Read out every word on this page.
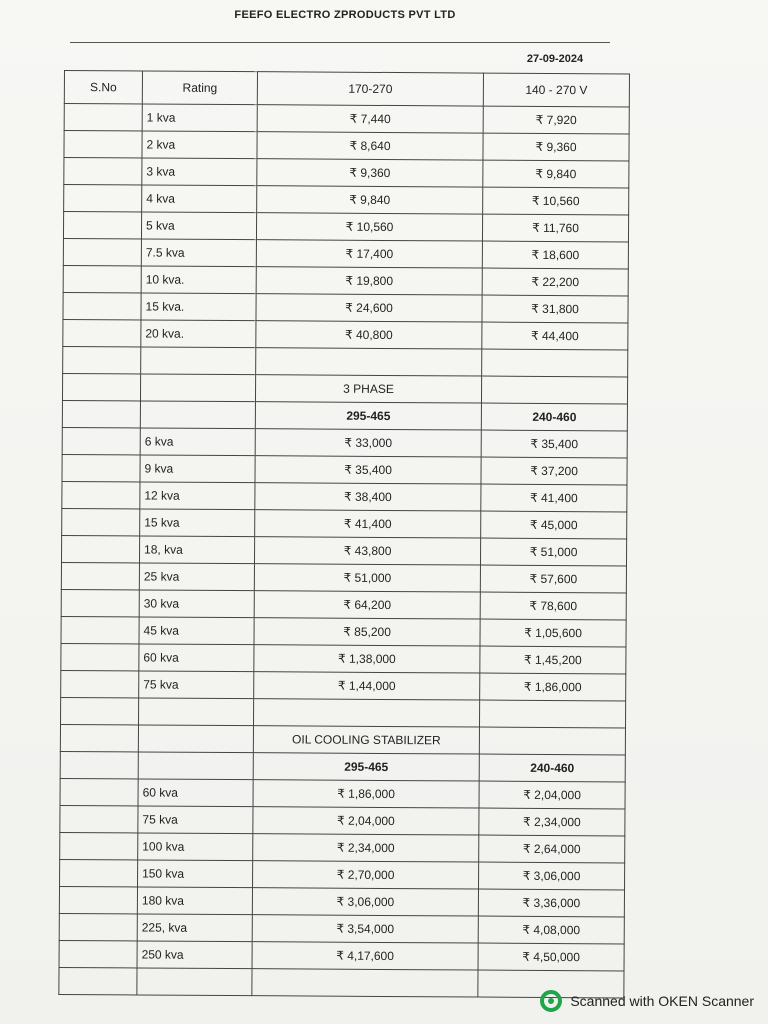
FEEFO ELECTRO ZPRODUCTS PVT LTD
27-09-2024
S.No	Rating	170-270	140 - 270 V
	1 kva	₹ 7,440	₹ 7,920
	2 kva	₹ 8,640	₹ 9,360
	3 kva	₹ 9,360	₹ 9,840
	4 kva	₹ 9,840	₹ 10,560
	5 kva	₹ 10,560	₹ 11,760
	7.5 kva	₹ 17,400	₹ 18,600
	10 kva.	₹ 19,800	₹ 22,200
	15 kva.	₹ 24,600	₹ 31,800
	20 kva.	₹ 40,800	₹ 44,400

		3 PHASE	
		295-465	240-460
	6 kva	₹ 33,000	₹ 35,400
	9 kva	₹ 35,400	₹ 37,200
	12 kva	₹ 38,400	₹ 41,400
	15 kva	₹ 41,400	₹ 45,000
	18, kva	₹ 43,800	₹ 51,000
	25 kva	₹ 51,000	₹ 57,600
	30 kva	₹ 64,200	₹ 78,600
	45 kva	₹ 85,200	₹ 1,05,600
	60 kva	₹ 1,38,000	₹ 1,45,200
	75 kva	₹ 1,44,000	₹ 1,86,000

		OIL COOLING STABILIZER	
		295-465	240-460
	60 kva	₹ 1,86,000	₹ 2,04,000
	75 kva	₹ 2,04,000	₹ 2,34,000
	100 kva	₹ 2,34,000	₹ 2,64,000
	150 kva	₹ 2,70,000	₹ 3,06,000
	180 kva	₹ 3,06,000	₹ 3,36,000
	225, kva	₹ 3,54,000	₹ 4,08,000
	250 kva	₹ 4,17,600	₹ 4,50,000

Scanned with OKEN Scanner
